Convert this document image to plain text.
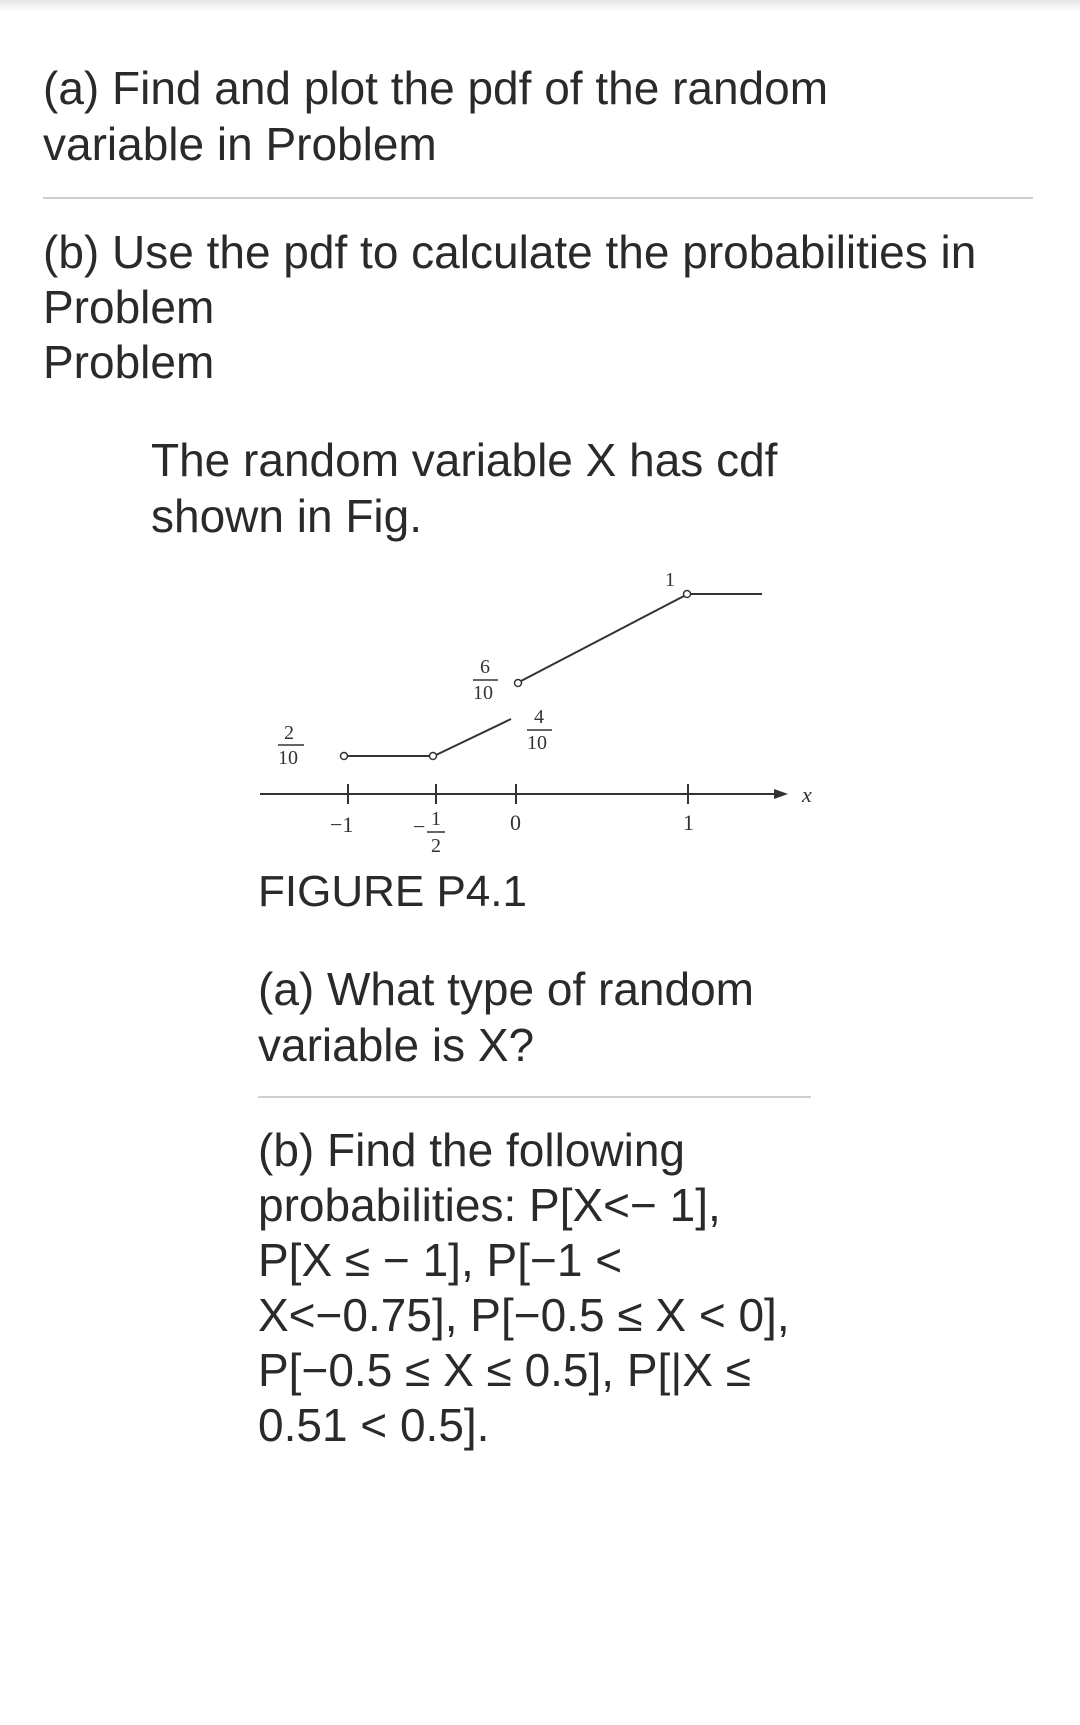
(a) Find and plot the pdf of the random

variable in Problem

(b) Use the pdf to calculate the probabilities in

Problem

Problem

The random variable X has cdf

shown in Fig.

x
−1	− 1
2
0	1
2
10
6
10
4
10
1

FIGURE P4.1

(a) What type of random

variable is X?

(b) Find the following

probabilities: P[X<− 1],

P[X ≤ − 1], P[−1 <

X<−0.75], P[−0.5 ≤ X < 0],

P[−0.5 ≤ X ≤ 0.5], P[|X ≤

0.51 < 0.5].
